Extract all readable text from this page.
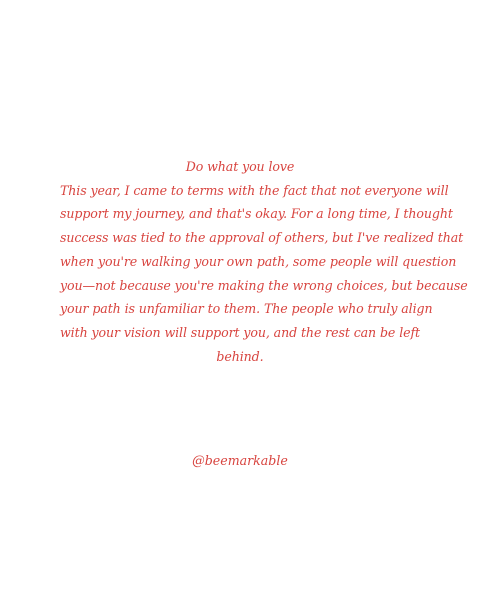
Do what you love
This year, I came to terms with the fact that not everyone will
support my journey, and that's okay. For a long time, I thought
success was tied to the approval of others, but I've realized that
when you're walking your own path, some people will question
you—not because you're making the wrong choices, but because
your path is unfamiliar to them. The people who truly align
with your vision will support you, and the rest can be left
behind.
@beemarkable
